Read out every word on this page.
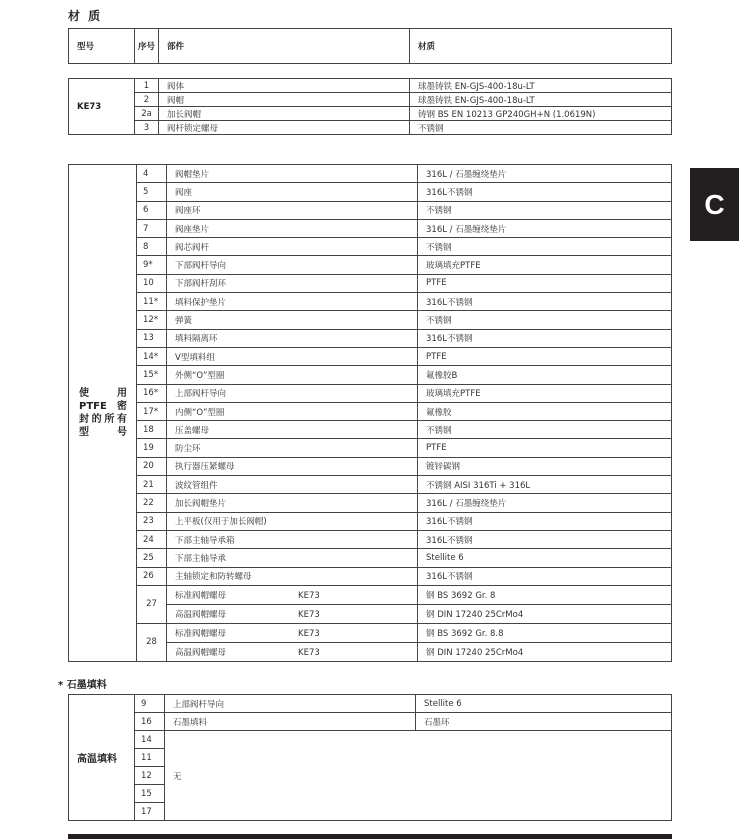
材 质
型号	序号	部件	材质
KE73	1	阀体	球墨铸铁 EN-GJS-400-18u-LT
	2	阀帽	球墨铸铁 EN-GJS-400-18u-LT
	2a	加长阀帽	铸钢 BS EN 10213 GP240GH+N (1.0619N)
	3	阀杆锁定螺母	不锈钢
使　　用
PTFE密
封的所有
型号	4	阀帽垫片	316L / 石墨缠绕垫片
	5	阀座	316L不锈钢
	6	阀座环	不锈钢
	7	阀座垫片	316L / 石墨缠绕垫片
	8	阀芯阀杆	不锈钢
	9*	下部阀杆导向	玻璃填充PTFE
	10	下部阀杆刮环	PTFE
	11*	填料保护垫片	316L不锈钢
	12*	弹簧	不锈钢
	13	填料隔离环	316L不锈钢
	14*	V型填料组	PTFE
	15*	外侧“O”型圈	氟橡胶B
	16*	上部阀杆导向	玻璃填充PTFE
	17*	内侧“O”型圈	氟橡胶
	18	压盖螺母	不锈钢
	19	防尘环	PTFE
	20	执行器压紧螺母	镀锌碳钢
	21	波纹管组件	不锈钢 AISI 316Ti + 316L
	22	加长阀帽垫片	316L / 石墨缠绕垫片
	23	上平板(仅用于加长阀帽)	316L不锈钢
	24	下部主轴导承箱	316L不锈钢
	25	下部主轴导承	Stellite 6
	26	主轴锁定和防转螺母	316L不锈钢
	27	标准阀帽螺母 KE73	钢 BS 3692 Gr. 8
		高温阀帽螺母 KE73	钢 DIN 17240 25CrMo4
	28	标准阀帽螺母 KE73	钢 BS 3692 Gr. 8.8
		高温阀帽螺母 KE73	钢 DIN 17240 25CrMo4
* 石墨填料
高温填料	9	上部阀杆导向	Stellite 6
	16	石墨填料	石墨环
	14	无	
	11		
	12		
	15		
	17		
C
